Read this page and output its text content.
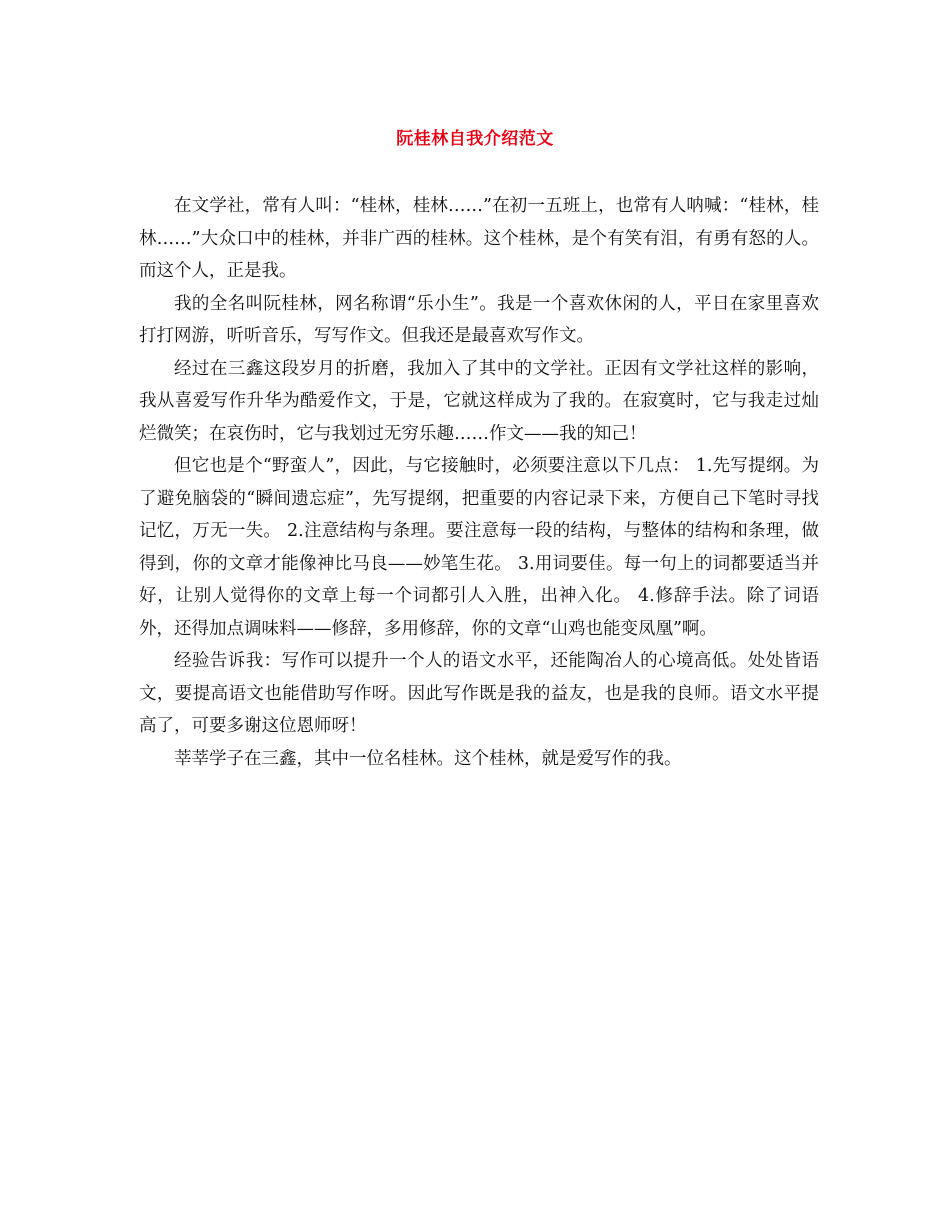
阮桂林自我介绍范文

在文学社，常有人叫：“桂林，桂林……”在初一五班上，也常有人呐喊：“桂林，桂林……”大众口中的桂林，并非广西的桂林。这个桂林，是个有笑有泪，有勇有怒的人。而这个人，正是我。

我的全名叫阮桂林，网名称谓“乐小生”。我是一个喜欢休闲的人，平日在家里喜欢打打网游，听听音乐，写写作文。但我还是最喜欢写作文。

经过在三鑫这段岁月的折磨，我加入了其中的文学社。正因有文学社这样的影响，我从喜爱写作升华为酷爱作文，于是，它就这样成为了我的。在寂寞时，它与我走过灿烂微笑；在哀伤时，它与我划过无穷乐趣……作文——我的知己！

但它也是个“野蛮人”，因此，与它接触时，必须要注意以下几点： 1.先写提纲。为了避免脑袋的“瞬间遗忘症”，先写提纲，把重要的内容记录下来，方便自己下笔时寻找记忆，万无一失。 2.注意结构与条理。要注意每一段的结构，与整体的结构和条理，做得到，你的文章才能像神比马良——妙笔生花。 3.用词要佳。每一句上的词都要适当并好，让别人觉得你的文章上每一个词都引人入胜，出神入化。 4.修辞手法。除了词语外，还得加点调味料——修辞，多用修辞，你的文章“山鸡也能变凤凰”啊。

经验告诉我：写作可以提升一个人的语文水平，还能陶冶人的心境高低。处处皆语文，要提高语文也能借助写作呀。因此写作既是我的益友，也是我的良师。语文水平提高了，可要多谢这位恩师呀！

莘莘学子在三鑫，其中一位名桂林。这个桂林，就是爱写作的我。
